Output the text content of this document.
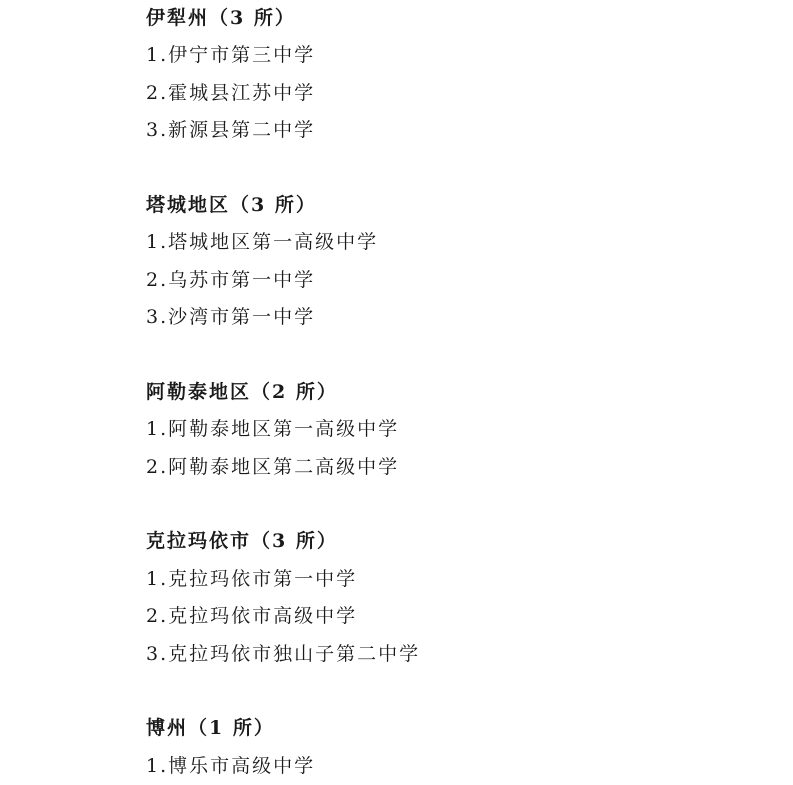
伊犁州（3 所）
1.伊宁市第三中学
2.霍城县江苏中学
3.新源县第二中学
塔城地区（3 所）
1.塔城地区第一高级中学
2.乌苏市第一中学
3.沙湾市第一中学
阿勒泰地区（2 所）
1.阿勒泰地区第一高级中学
2.阿勒泰地区第二高级中学
克拉玛依市（3 所）
1.克拉玛依市第一中学
2.克拉玛依市高级中学
3.克拉玛依市独山子第二中学
博州（1 所）
1.博乐市高级中学
